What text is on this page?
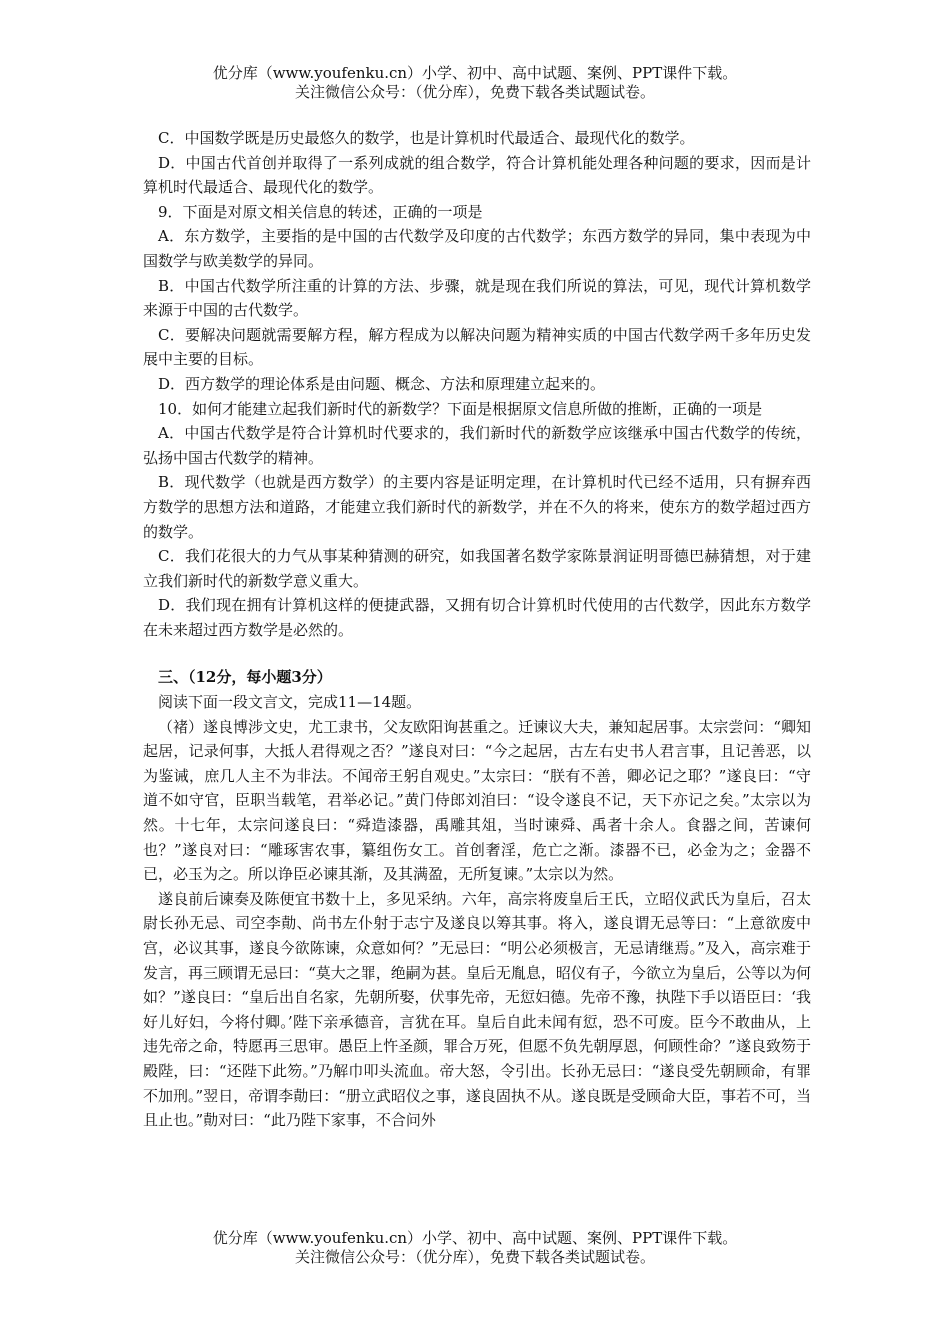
优分库（www.youfenku.cn）小学、初中、高中试题、案例、PPT课件下载。
关注微信公众号：（优分库），免费下载各类试题试卷。

C．中国数学既是历史最悠久的数学，也是计算机时代最适合、最现代化的数学。

D．中国古代首创并取得了一系列成就的组合数学，符合计算机能处理各种问题的要求，因而是计算机时代最适合、最现代化的数学。

9．下面是对原文相关信息的转述，正确的一项是

A．东方数学，主要指的是中国的古代数学及印度的古代数学；东西方数学的异同，集中表现为中国数学与欧美数学的异同。

B．中国古代数学所注重的计算的方法、步骤，就是现在我们所说的算法，可见，现代计算机数学来源于中国的古代数学。

C．要解决问题就需要解方程，解方程成为以解决问题为精神实质的中国古代数学两千多年历史发展中主要的目标。

D．西方数学的理论体系是由问题、概念、方法和原理建立起来的。

10．如何才能建立起我们新时代的新数学？下面是根据原文信息所做的推断，正确的一项是

A．中国古代数学是符合计算机时代要求的，我们新时代的新数学应该继承中国古代数学的传统，弘扬中国古代数学的精神。

B．现代数学（也就是西方数学）的主要内容是证明定理，在计算机时代已经不适用，只有摒弃西方数学的思想方法和道路，才能建立我们新时代的新数学，并在不久的将来，使东方的数学超过西方的数学。

C．我们花很大的力气从事某种猜测的研究，如我国著名数学家陈景润证明哥德巴赫猜想，对于建立我们新时代的新数学意义重大。

D．我们现在拥有计算机这样的便捷武器，又拥有切合计算机时代使用的古代数学，因此东方数学在未来超过西方数学是必然的。

三、（12分，每小题3分）

阅读下面一段文言文，完成11—14题。

（褚）遂良博涉文史，尤工隶书，父友欧阳询甚重之。迁谏议大夫，兼知起居事。太宗尝问：“卿知起居，记录何事，大抵人君得观之否？”遂良对曰：“今之起居，古左右史书人君言事，且记善恶，以为鉴诫，庶几人主不为非法。不闻帝王躬自观史。”太宗曰：“朕有不善，卿必记之耶？”遂良曰：“守道不如守官，臣职当载笔，君举必记。”黄门侍郎刘洎曰：“设令遂良不记，天下亦记之矣。”太宗以为然。十七年，太宗问遂良曰：“舜造漆器，禹雕其俎，当时谏舜、禹者十余人。食器之间，苦谏何也？”遂良对曰：“雕琢害农事，纂组伤女工。首创奢淫，危亡之渐。漆器不已，必金为之；金器不已，必玉为之。所以诤臣必谏其渐，及其满盈，无所复谏。”太宗以为然。

遂良前后谏奏及陈便宜书数十上，多见采纳。六年，高宗将废皇后王氏，立昭仪武氏为皇后，召太尉长孙无忌、司空李勣、尚书左仆射于志宁及遂良以筹其事。将入，遂良谓无忌等曰：“上意欲废中宫，必议其事，遂良今欲陈谏，众意如何？”无忌曰：“明公必须极言，无忌请继焉。”及入，高宗难于发言，再三顾谓无忌曰：“莫大之罪，绝嗣为甚。皇后无胤息，昭仪有子，今欲立为皇后，公等以为何如？”遂良曰：“皇后出自名家，先朝所娶，伏事先帝，无愆妇德。先帝不豫，执陛下手以语臣曰：‘我好儿好妇，今将付卿。’陛下亲承德音，言犹在耳。皇后自此未闻有愆，恐不可废。臣今不敢曲从，上违先帝之命，特愿再三思审。愚臣上忤圣颜，罪合万死，但愿不负先朝厚恩，何顾性命？”遂良致笏于殿陛，曰：“还陛下此笏。”乃解巾叩头流血。帝大怒，令引出。长孙无忌曰：“遂良受先朝顾命，有罪不加刑。”翌日，帝谓李勣曰：“册立武昭仪之事，遂良固执不从。遂良既是受顾命大臣，事若不可，当且止也。”勣对曰：“此乃陛下家事，不合问外

优分库（www.youfenku.cn）小学、初中、高中试题、案例、PPT课件下载。
关注微信公众号：（优分库），免费下载各类试题试卷。
